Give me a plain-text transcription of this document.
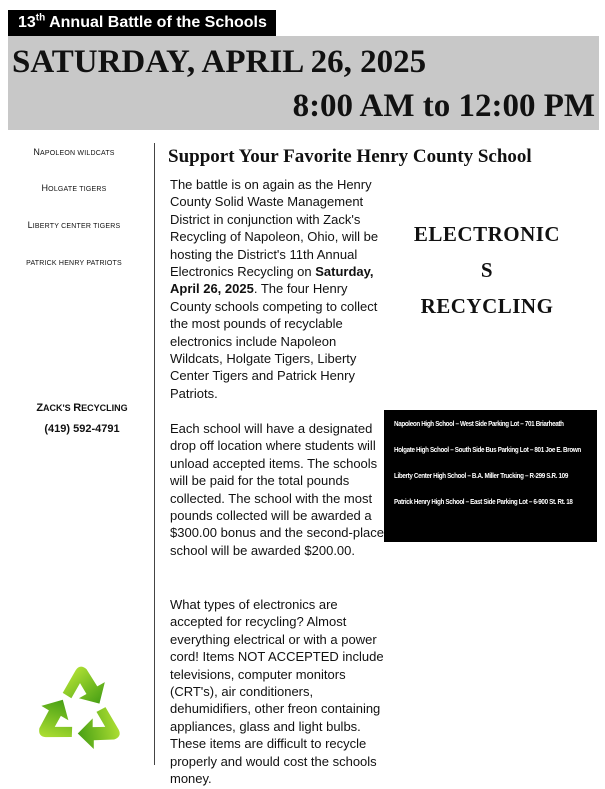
13th Annual Battle of the Schools
SATURDAY, APRIL 26, 2025
8:00 AM to 12:00 PM
NAPOLEON WILDCATS
HOLGATE TIGERS
LIBERTY CENTER TIGERS
PATRICK HENRY PATRIOTS
ZACK'S RECYCLING
(419) 592-4791
Support Your Favorite Henry County School

The battle is on again as the Henry County Solid Waste Management District in conjunction with Zack's Recycling of Napoleon, Ohio, will be hosting the District's 11th Annual Electronics Recycling on Saturday, April 26, 2025. The four Henry County schools competing to collect the most pounds of recyclable electronics include Napoleon Wildcats, Holgate Tigers, Liberty Center Tigers and Patrick Henry Patriots.

Each school will have a designated drop off location where students will unload accepted items. The schools will be paid for the total pounds collected. The school with the most pounds collected will be awarded a $300.00 bonus and the second-place school will be awarded $200.00.

What types of electronics are accepted for recycling? Almost everything electrical or with a power cord! Items NOT ACCEPTED include televisions, computer monitors (CRT's), air conditioners, dehumidifiers, other freon containing appliances, glass and light bulbs. These items are difficult to recycle properly and would cost the schools money.

ELECTRONIC
S
RECYCLING
Napoleon High School – West Side Parking Lot – 701 Briarheath
Holgate High School – South Side Bus Parking Lot – 801 Joe E. Brown
Liberty Center High School – B.A. Miller Trucking – R-299 S.R. 109
Patrick Henry High School – East Side Parking Lot – 6-900 St. Rt. 18
